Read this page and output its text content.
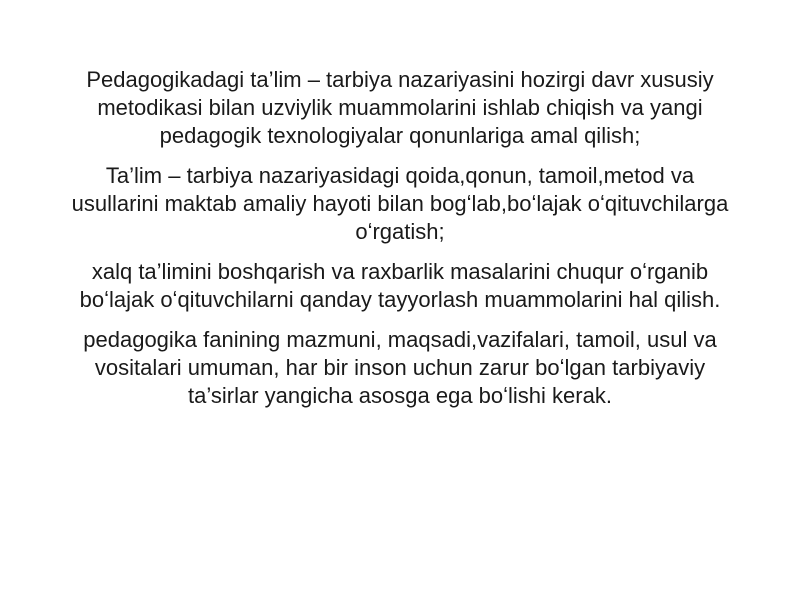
Pedagogikadagi ta’lim – tarbiya nazariyasini hozirgi davr xususiy metodikasi bilan uzviylik muammolarini ishlab chiqish va yangi pedagogik texnologiyalar qonunlariga amal qilish;

Ta’lim – tarbiya nazariyasidagi qoida,qonun, tamoil,metod va usullarini maktab amaliy hayoti bilan bogʻlab,boʻlajak oʻqituvchilarga oʻrgatish;

xalq ta’limini boshqarish va raxbarlik masalarini chuqur oʻrganib boʻlajak oʻqituvchilarni qanday tayyorlash muammolarini hal qilish.

pedagogika fanining mazmuni, maqsadi,vazifalari, tamoil, usul va vositalari umuman, har bir inson uchun zarur boʻlgan tarbiyaviy ta’sirlar yangicha asosga ega boʻlishi kerak.
